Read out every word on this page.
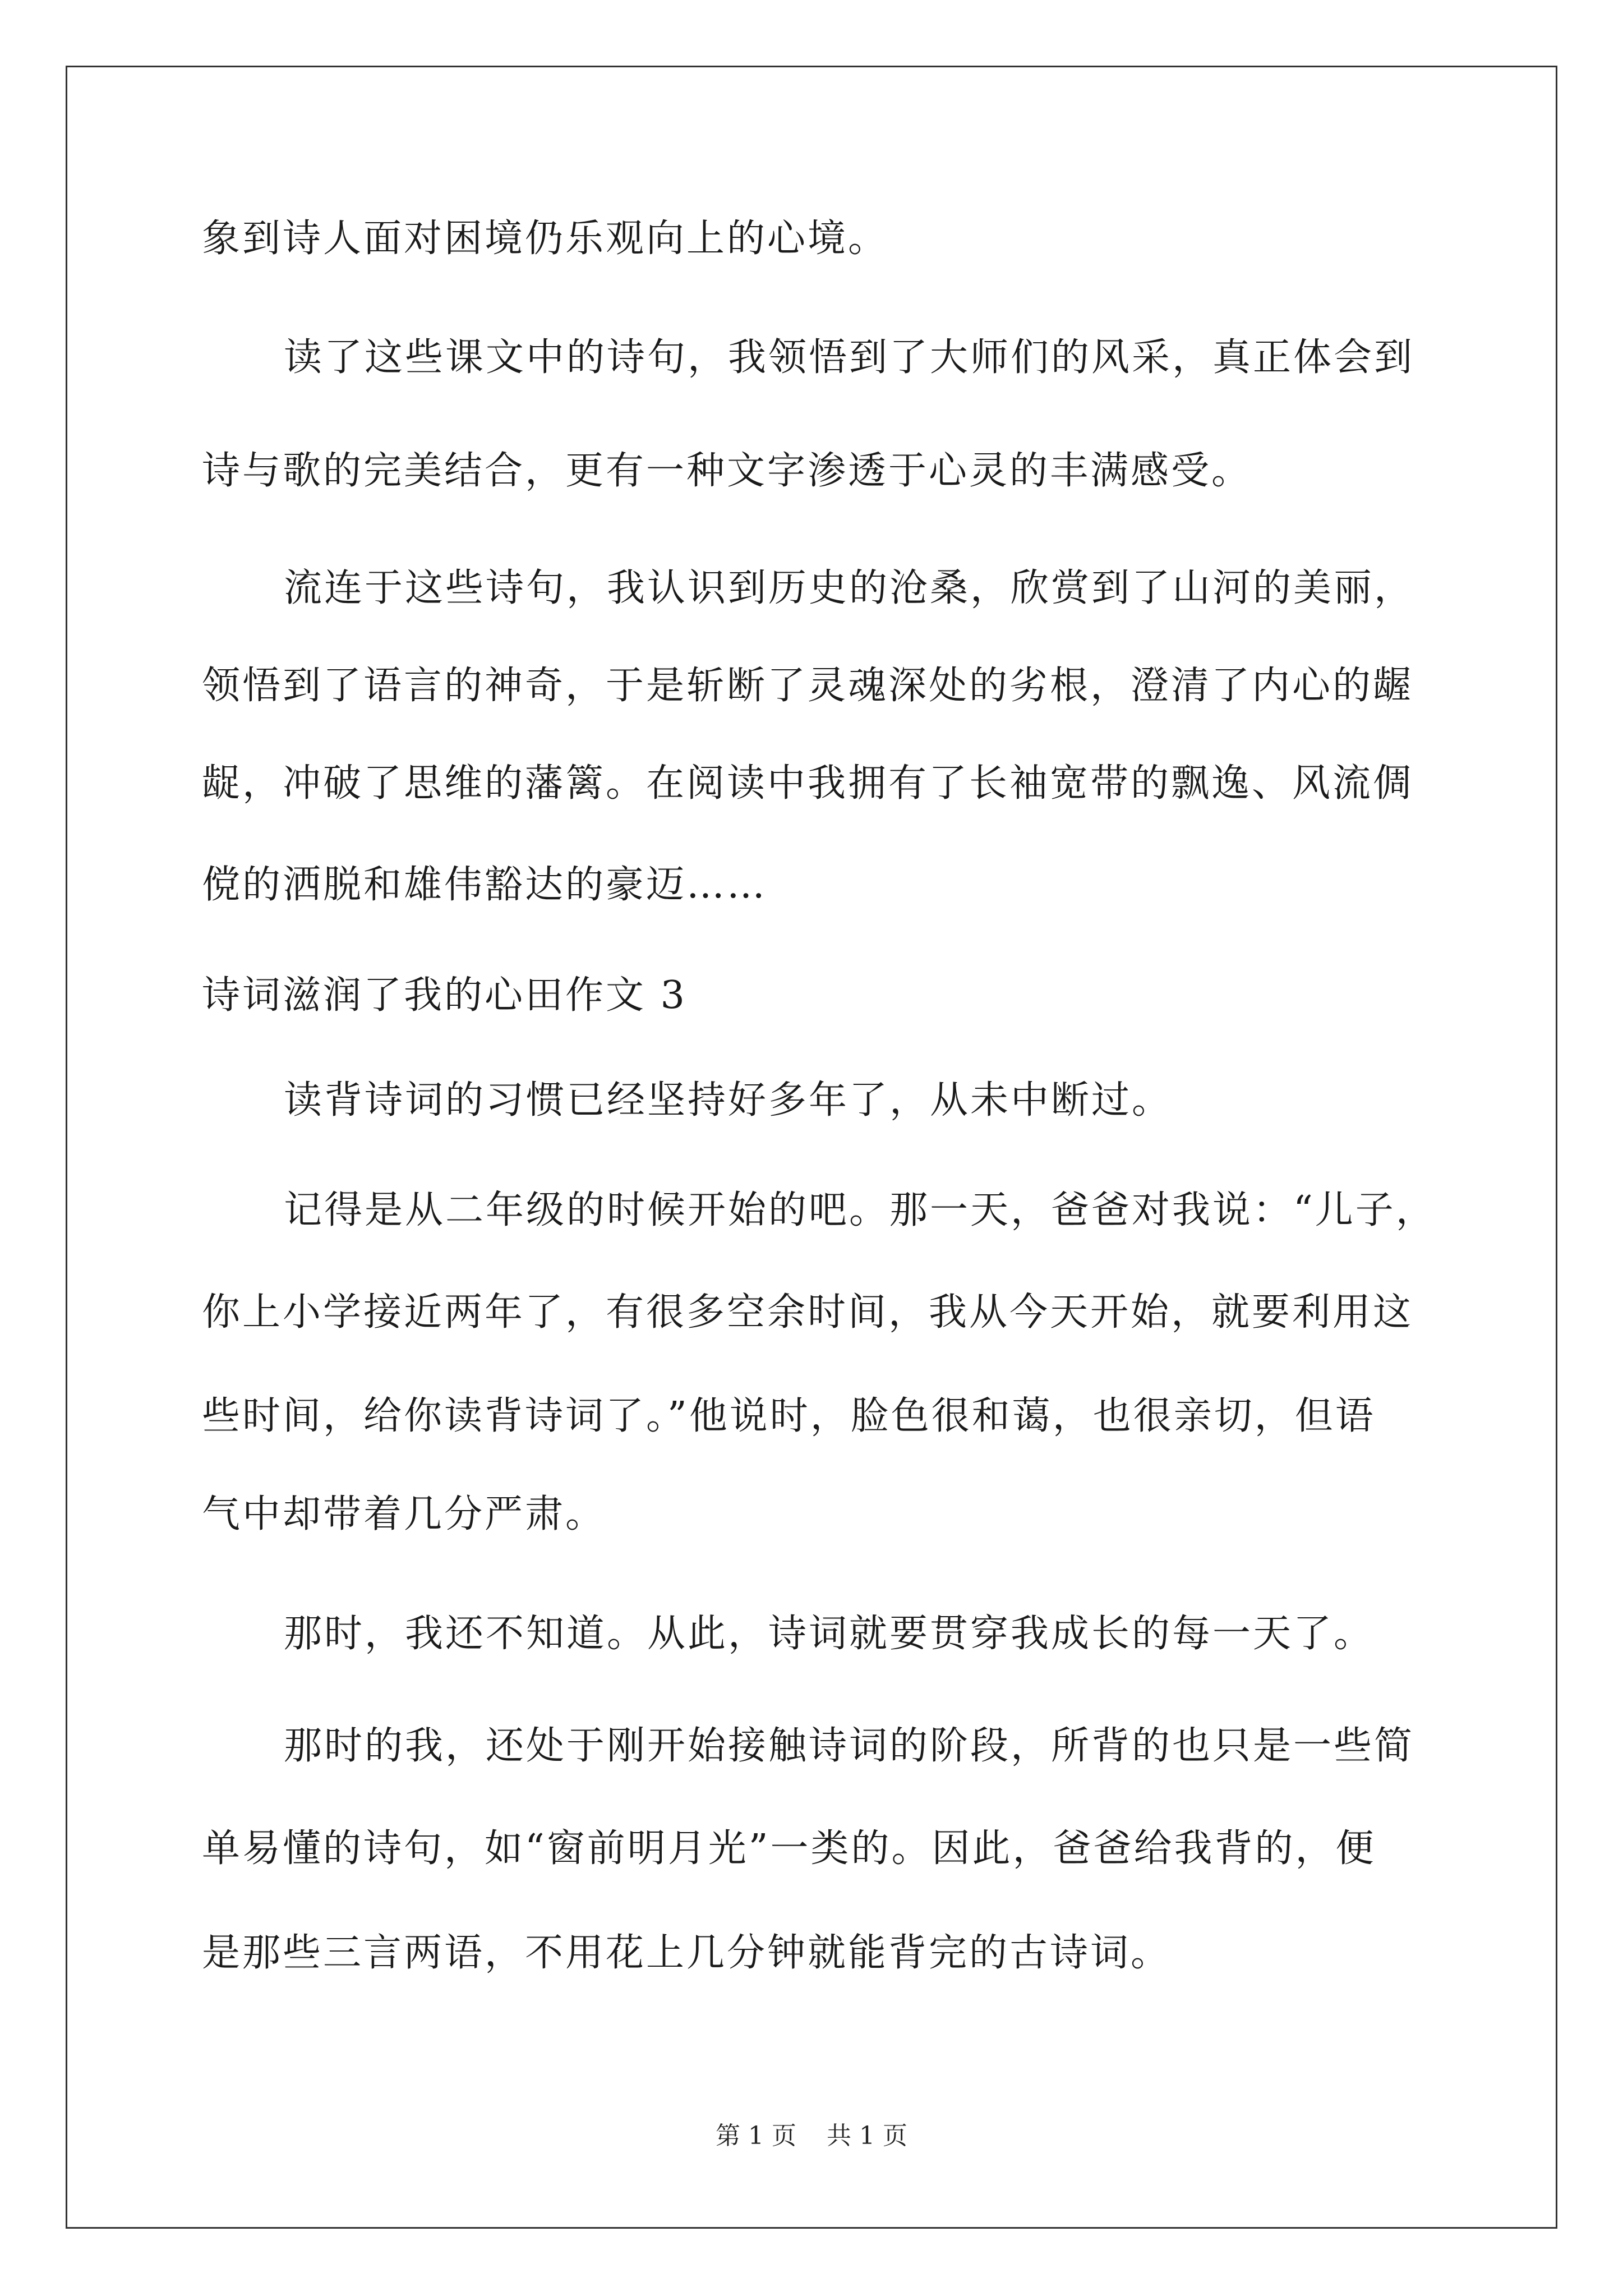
象到诗人面对困境仍乐观向上的心境。
读了这些课文中的诗句，我领悟到了大师们的风采，真正体会到
诗与歌的完美结合，更有一种文字渗透于心灵的丰满感受。
流连于这些诗句，我认识到历史的沧桑，欣赏到了山河的美丽，
领悟到了语言的神奇，于是斩断了灵魂深处的劣根，澄清了内心的龌
龊，冲破了思维的藩篱。在阅读中我拥有了长袖宽带的飘逸、风流倜
傥的洒脱和雄伟豁达的豪迈……
诗词滋润了我的心田作文 3
读背诗词的习惯已经坚持好多年了，从未中断过。
记得是从二年级的时候开始的吧。那一天，爸爸对我说：“儿子，
你上小学接近两年了，有很多空余时间，我从今天开始，就要利用这
些时间，给你读背诗词了。”他说时，脸色很和蔼，也很亲切，但语
气中却带着几分严肃。
那时，我还不知道。从此，诗词就要贯穿我成长的每一天了。
那时的我，还处于刚开始接触诗词的阶段，所背的也只是一些简
单易懂的诗句，如“窗前明月光”一类的。因此，爸爸给我背的，便
是那些三言两语，不用花上几分钟就能背完的古诗词。
第 1 页 共 1 页
